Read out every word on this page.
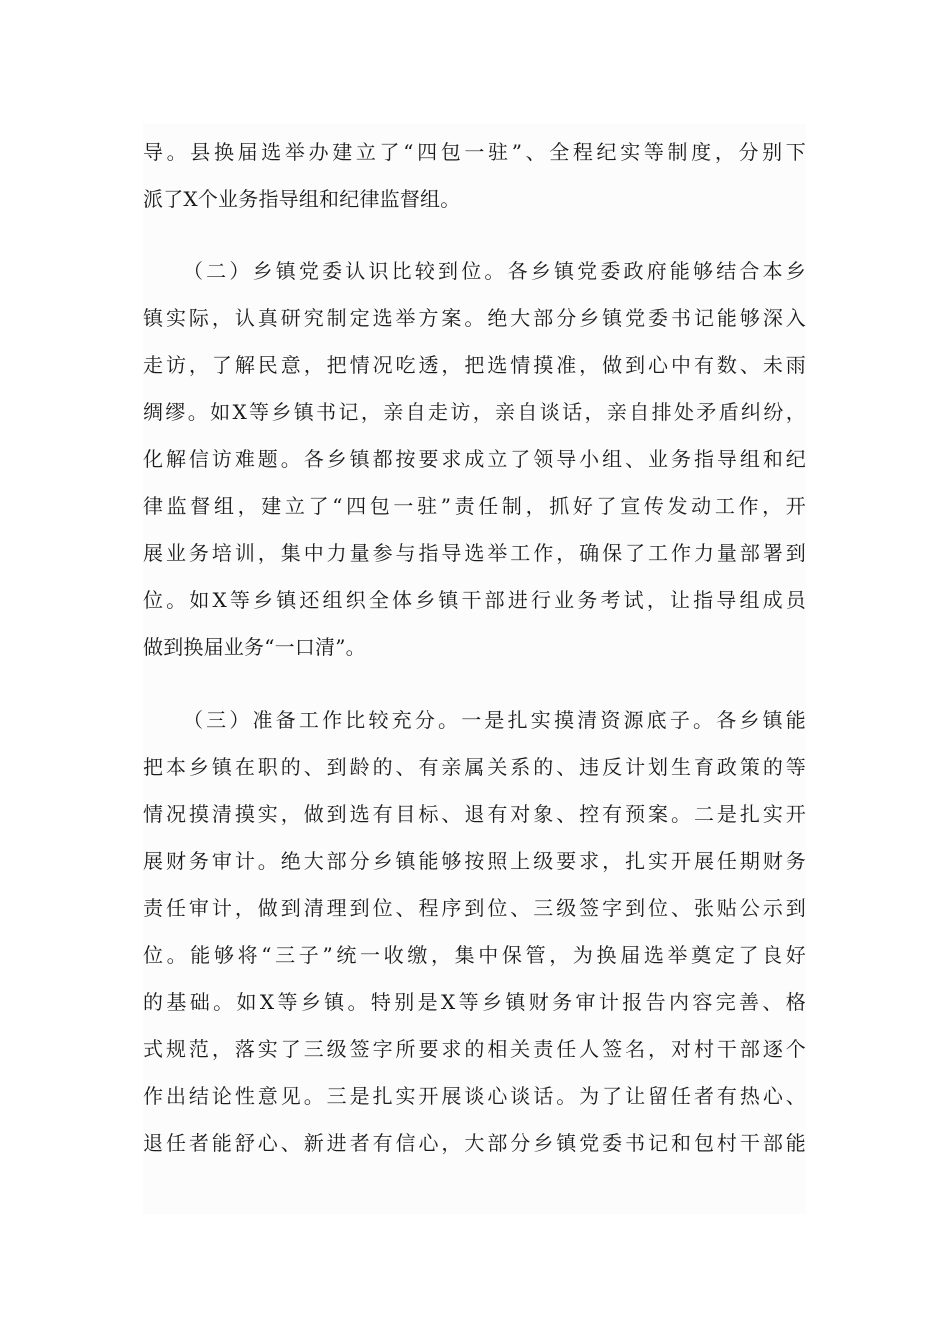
导。县换届选举办建立了“四包一驻”、全程纪实等制度，分别下
派了X个业务指导组和纪律监督组。
（二）乡镇党委认识比较到位。各乡镇党委政府能够结合本乡
镇实际，认真研究制定选举方案。绝大部分乡镇党委书记能够深入
走访，了解民意，把情况吃透，把选情摸准，做到心中有数、未雨
绸缪。如X等乡镇书记，亲自走访，亲自谈话，亲自排处矛盾纠纷，
化解信访难题。各乡镇都按要求成立了领导小组、业务指导组和纪
律监督组，建立了“四包一驻”责任制，抓好了宣传发动工作，开
展业务培训，集中力量参与指导选举工作，确保了工作力量部署到
位。如X等乡镇还组织全体乡镇干部进行业务考试，让指导组成员
做到换届业务“一口清”。
（三）准备工作比较充分。一是扎实摸清资源底子。各乡镇能
把本乡镇在职的、到龄的、有亲属关系的、违反计划生育政策的等
情况摸清摸实，做到选有目标、退有对象、控有预案。二是扎实开
展财务审计。绝大部分乡镇能够按照上级要求，扎实开展任期财务
责任审计，做到清理到位、程序到位、三级签字到位、张贴公示到
位。能够将“三子”统一收缴，集中保管，为换届选举奠定了良好
的基础。如X等乡镇。特别是X等乡镇财务审计报告内容完善、格
式规范，落实了三级签字所要求的相关责任人签名，对村干部逐个
作出结论性意见。三是扎实开展谈心谈话。为了让留任者有热心、
退任者能舒心、新进者有信心，大部分乡镇党委书记和包村干部能
